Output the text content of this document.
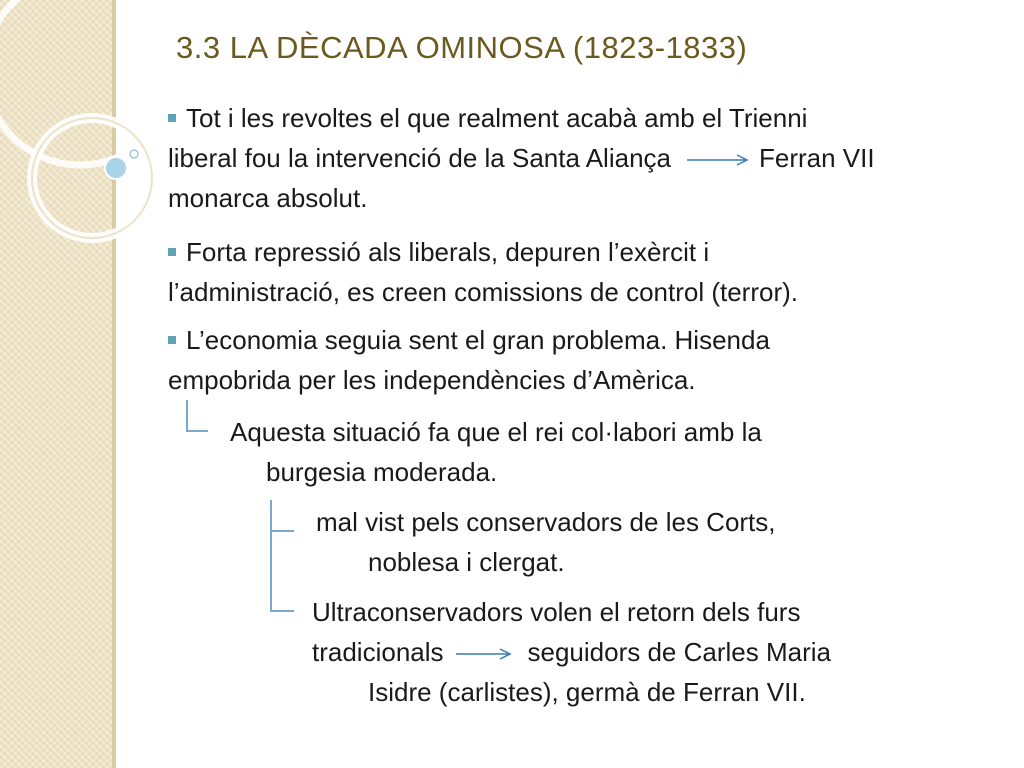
3.3 LA DÈCADA OMINOSA (1823-1833)
Tot i les revoltes el que realment acabà amb el Trienni
liberal fou la intervenció de la Santa Aliança	Ferran VII
monarca absolut.
Forta repressió als liberals, depuren l’exèrcit i
l’administració, es creen comissions de control (terror).
L’economia seguia sent el gran problema. Hisenda
empobrida per les independències d’Amèrica.
Aquesta situació fa que el rei col·labori amb la
burgesia moderada.
mal vist pels conservadors de les Corts,
noblesa i clergat.
Ultraconservadors volen el retorn dels furs
tradicionals	seguidors de Carles Maria
Isidre (carlistes), germà de Ferran VII.
